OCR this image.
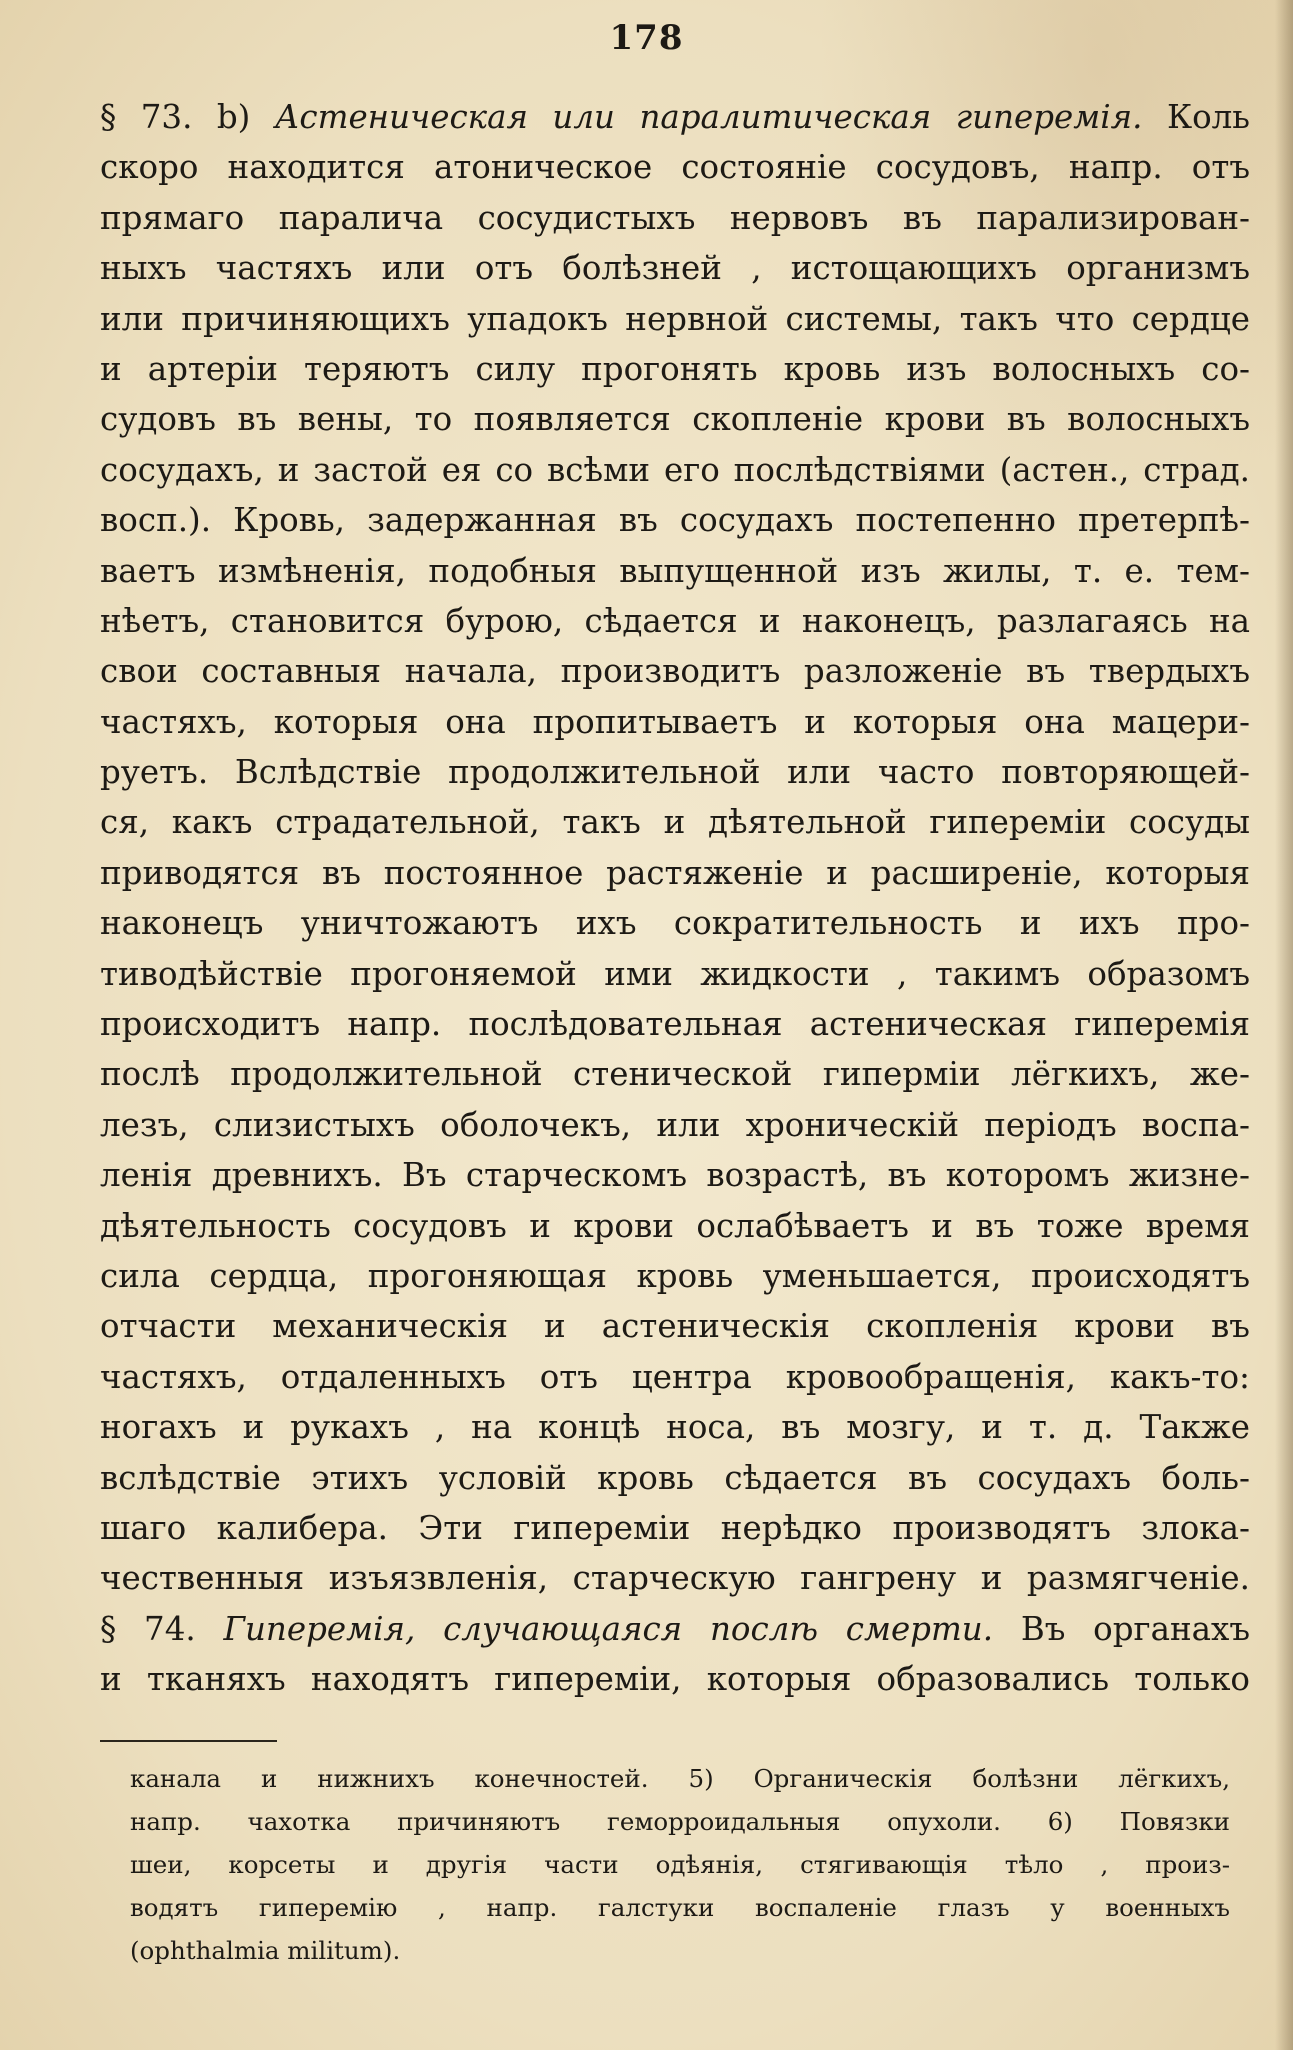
178
§ 73. b) Астеническая или паралитическая гиперемія. Коль
скоро находится атоническое состояніе сосудовъ, напр. отъ
прямаго паралича сосудистыхъ нервовъ въ парализирован-
ныхъ частяхъ или отъ болѣзней , истощающихъ организмъ
или причиняющихъ упадокъ нервной системы, такъ что сердце
и артеріи теряютъ силу прогонять кровь изъ волосныхъ со-
судовъ въ вены, то появляется скопленіе крови въ волосныхъ
сосудахъ, и застой ея со всѣми его послѣдствіями (астен., страд.
восп.). Кровь, задержанная въ сосудахъ постепенно претерпѣ-
ваетъ измѣненія, подобныя выпущенной изъ жилы, т. е. тем-
нѣетъ, становится бурою, сѣдается и наконецъ, разлагаясь на
свои составныя начала, производитъ разложеніе въ твердыхъ
частяхъ, которыя она пропитываетъ и которыя она мацери-
руетъ. Вслѣдствіе продолжительной или часто повторяющей-
ся, какъ страдательной, такъ и дѣятельной гипереміи сосуды
приводятся въ постоянное растяженіе и расширеніе, которыя
наконецъ уничтожаютъ ихъ сократительность и ихъ про-
тиводѣйствіе прогоняемой ими жидкости , такимъ образомъ
происходитъ напр. послѣдовательная астеническая гиперемія
послѣ продолжительной стенической гиперміи лёгкихъ, же-
лезъ, слизистыхъ оболочекъ, или хроническій періодъ воспа-
ленія древнихъ. Въ старческомъ возрастѣ, въ которомъ жизне-
дѣятельность сосудовъ и крови ослабѣваетъ и въ тоже время
сила сердца, прогоняющая кровь уменьшается, происходятъ
отчасти механическія и астеническія скопленія крови въ
частяхъ, отдаленныхъ отъ центра кровообращенія, какъ-то:
ногахъ и рукахъ , на концѣ носа, въ мозгу, и т. д. Также
вслѣдствіе этихъ условій кровь сѣдается въ сосудахъ боль-
шаго калибера. Эти гипереміи нерѣдко производятъ злока-
чественныя изъязвленія, старческую гангрену и размягченіе.
§ 74. Гиперемія, случающаяся послѣ смерти. Въ органахъ
и тканяхъ находятъ гипереміи, которыя образовались только
канала и нижнихъ конечностей. 5) Органическія болѣзни лёгкихъ,
напр. чахотка причиняютъ геморроидальныя опухоли. 6) Повязки
шеи, корсеты и другія части одѣянія, стягивающія тѣло , произ-
водятъ гиперемію , напр. галстуки воспаленіе глазъ у военныхъ
(ophthalmia militum).
